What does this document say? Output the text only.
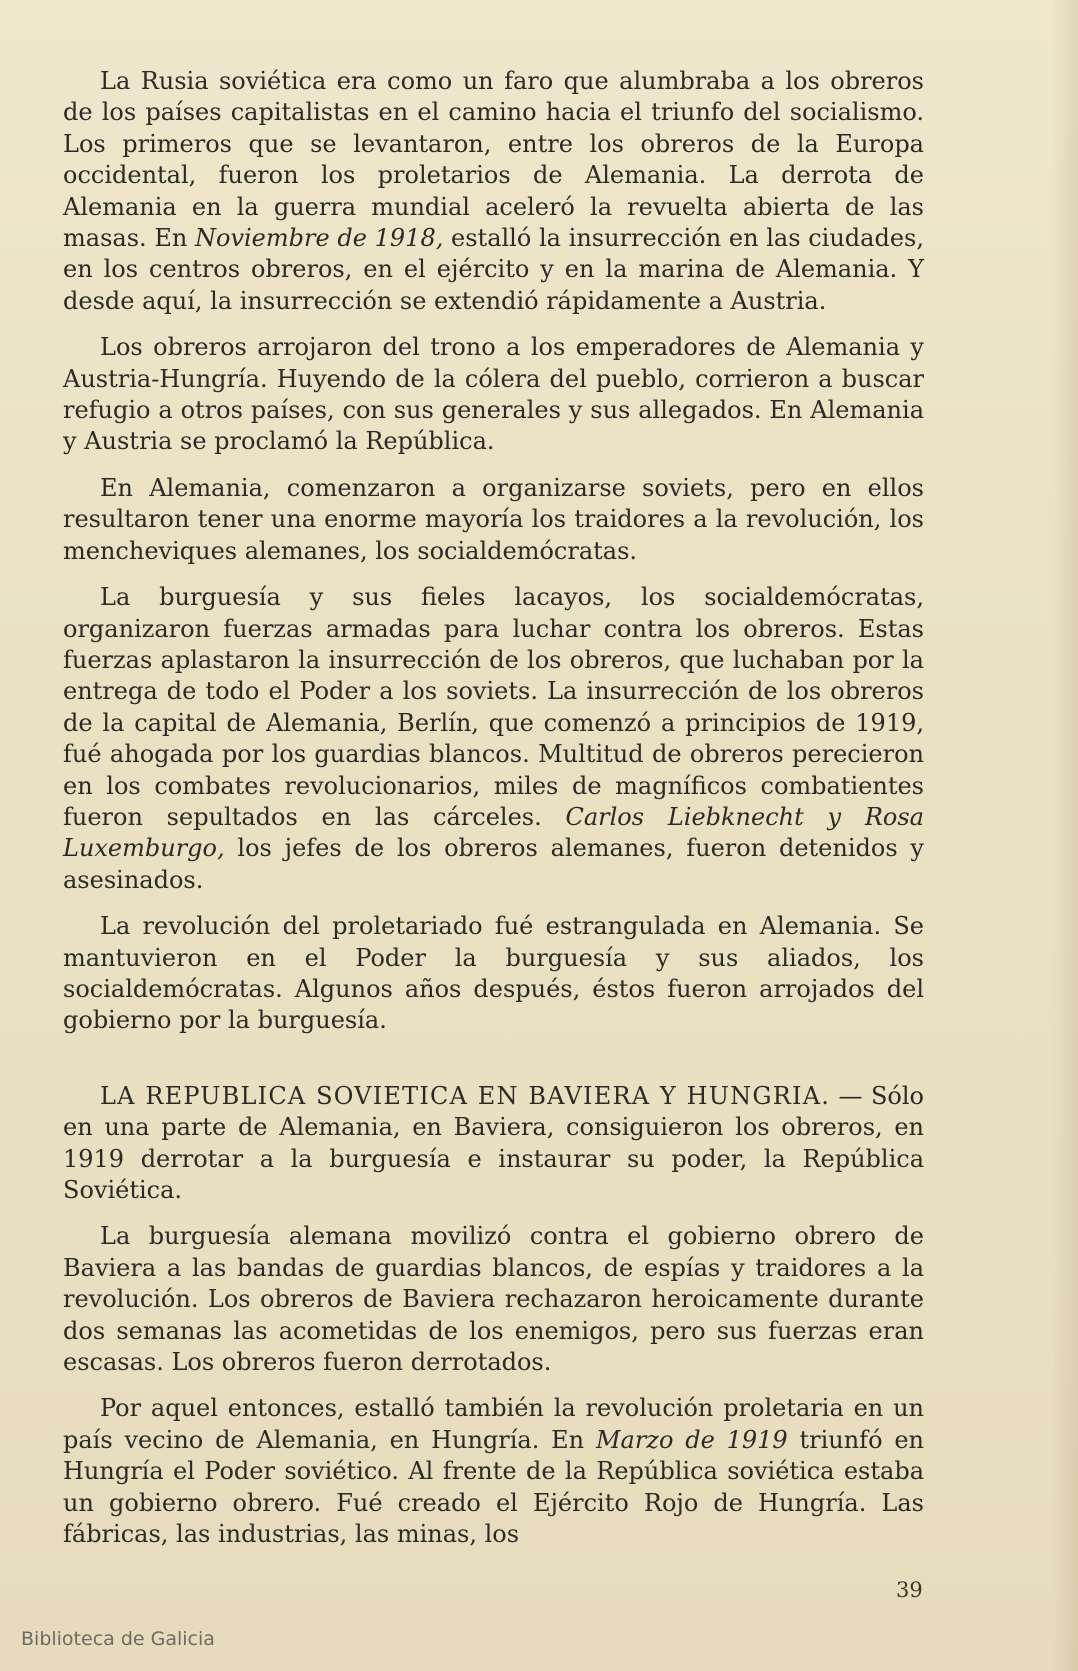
La Rusia soviética era como un faro que alumbraba a los obreros de los países capitalistas en el camino hacia el triunfo del socialismo. Los primeros que se levantaron, entre los obreros de la Europa occidental, fueron los proletarios de Alemania. La derrota de Alemania en la guerra mundial aceleró la revuelta abierta de las masas. En Noviembre de 1918, estalló la insurrección en las ciudades, en los centros obreros, en el ejército y en la marina de Alemania. Y desde aquí, la insurrección se extendió rápidamente a Austria.

Los obreros arrojaron del trono a los emperadores de Alemania y Austria-Hungría. Huyendo de la cólera del pueblo, corrieron a buscar refugio a otros países, con sus generales y sus allegados. En Alemania y Austria se proclamó la República.

En Alemania, comenzaron a organizarse soviets, pero en ellos resultaron tener una enorme mayoría los traidores a la revolución, los mencheviques alemanes, los socialdemócratas.

La burguesía y sus fieles lacayos, los socialdemócratas, organizaron fuerzas armadas para luchar contra los obreros. Estas fuerzas aplastaron la insurrección de los obreros, que luchaban por la entrega de todo el Poder a los soviets. La insurrección de los obreros de la capital de Alemania, Berlín, que comenzó a principios de 1919, fué ahogada por los guardias blancos. Multitud de obreros perecieron en los combates revolucionarios, miles de magníficos combatientes fueron sepultados en las cárceles. Carlos Liebknecht y Rosa Luxemburgo, los jefes de los obreros alemanes, fueron detenidos y asesinados.

La revolución del proletariado fué estrangulada en Alemania. Se mantuvieron en el Poder la burguesía y sus aliados, los socialdemócratas. Algunos años después, éstos fueron arrojados del gobierno por la burguesía.

LA REPUBLICA SOVIETICA EN BAVIERA Y HUNGRIA. — Sólo en una parte de Alemania, en Baviera, consiguieron los obreros, en 1919 derrotar a la burguesía e instaurar su poder, la República Soviética.

La burguesía alemana movilizó contra el gobierno obrero de Baviera a las bandas de guardias blancos, de espías y traidores a la revolución. Los obreros de Baviera rechazaron heroicamente durante dos semanas las acometidas de los enemigos, pero sus fuerzas eran escasas. Los obreros fueron derrotados.

Por aquel entonces, estalló también la revolución proletaria en un país vecino de Alemania, en Hungría. En Marzo de 1919 triunfó en Hungría el Poder soviético. Al frente de la República soviética estaba un gobierno obrero. Fué creado el Ejército Rojo de Hungría. Las fábricas, las industrias, las minas, los

39
Biblioteca de Galicia
